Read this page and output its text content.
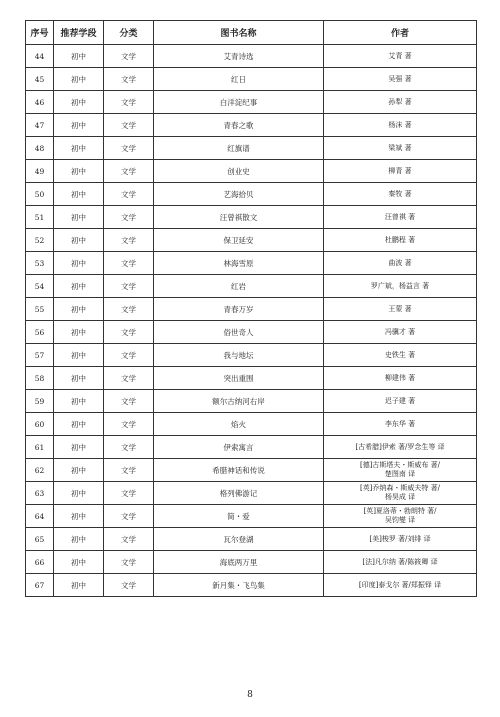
序号	推荐学段	分类	图书名称	作者
44	初中	文学	艾青诗选	艾青 著
45	初中	文学	红日	吴强 著
46	初中	文学	白洋淀纪事	孙犁 著
47	初中	文学	青春之歌	杨沫 著
48	初中	文学	红旗谱	梁斌 著
49	初中	文学	创业史	柳青 著
50	初中	文学	艺海拾贝	秦牧 著
51	初中	文学	汪曾祺散文	汪曾祺 著
52	初中	文学	保卫延安	杜鹏程 著
53	初中	文学	林海雪原	曲波 著
54	初中	文学	红岩	罗广斌，杨益言 著
55	初中	文学	青春万岁	王蒙 著
56	初中	文学	俗世奇人	冯骥才 著
57	初中	文学	我与地坛	史铁生 著
58	初中	文学	突出重围	柳建伟 著
59	初中	文学	额尔古纳河右岸	迟子建 著
60	初中	文学	焰火	李东华 著
61	初中	文学	伊索寓言	[古希腊]伊索 著/罗念生等 译
62	初中	文学	希腊神话和传说	[德]古斯塔夫・斯威布 著/
楚图南 译
63	初中	文学	格列佛游记	[英]乔纳森・斯威夫特 著/
杨昊成 译
64	初中	文学	简・爱	[英]夏洛蒂・勃朗特 著/
吴钧燮 译
65	初中	文学	瓦尔登湖	[美]梭罗 著/刘绯 译
66	初中	文学	海底两万里	[法]凡尔纳 著/陈筱卿 译
67	初中	文学	新月集・飞鸟集	[印度]泰戈尔 著/郑振铎 译
8
